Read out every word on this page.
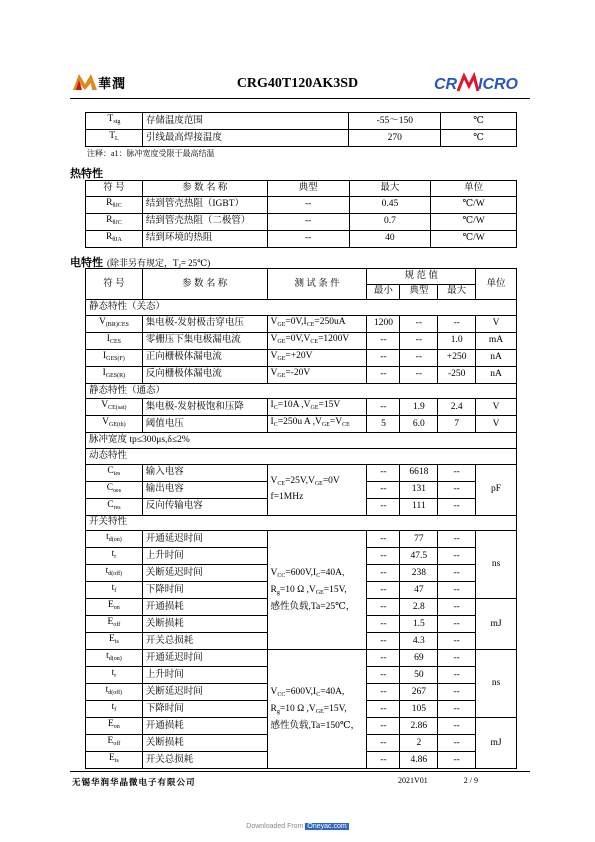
華潤	CRG40T120AK3SD	CR ICRO
$T_{stg}$	存储温度范围	-55～150	℃
$T_L$	引线最高焊接温度	270	℃
注释：a1：脉冲宽度受限于最高结温
热特性
符 号	参 数 名 称	典型	最大	单位
$R_{\theta JC}$	结到管壳热阻（IGBT）	--	0.45	℃/W
$R_{\theta JC}$	结到管壳热阻（二极管）	--	0.7	℃/W
$R_{\theta JA}$	结到环境的热阻	--	40	℃/W
电特性 (除非另有规定，$T_J=$ 25℃)
符 号	参 数 名 称	测 试 条 件	规 范 值			单位
			最小	典型	最大	
静态特性（关态）						
$V_{(BR)CES}$	集电极-发射极击穿电压	$V_{GE}=0V,I_{CE}=250uA$	1200	--	--	V
$I_{CES}$	零栅压下集电极漏电流	$V_{GE}=0V,V_{CE}=1200V$	--	--	1.0	mA
$I_{GES(F)}$	正向栅极体漏电流	$V_{GE}=+20V$	--	--	+250	nA
$I_{GES(R)}$	反向栅极体漏电流	$V_{GE}=-20V$	--	--	-250	nA
静态特性（通态）						
$V_{CE(sat)}$	集电极-发射极饱和压降	$I_C=10A$ $,V_{GE}=15V$	--	1.9	2.4	V
$V_{GE(th)}$	阈值电压	$I_C=250u$ A $,V_{GE}=V_{CE}$	5	6.0	7	V
脉冲宽度 tp≤300μs,δ≤2%						
动态特性						
$C_{ies}$	输入电容	$V_{CE}=25V,V_{GE}=0V$
f=1MHz	--	6618	--	pF
$C_{oes}$	输出电容		--	131	--	
$C_{res}$	反向传输电容		--	111	--	
开关特性						
$t_{d(on)}$	开通延迟时间	$V_{CC}=600V,I_C=40A$,
$R_g=10$ Ω $,V_{GE}=15V$,
感性负载,Ta=25℃，	--	77	--	ns
$t_r$	上升时间		--	47.5	--	
$t_{d(off)}$	关断延迟时间		--	238	--	
$t_f$	下降时间		--	47	--	
$E_{on}$	开通损耗		--	2.8	--	mJ
$E_{off}$	关断损耗		--	1.5	--	
$E_{ts}$	开关总损耗		--	4.3	--	
$t_{d(on)}$	开通延迟时间	$V_{CC}=600V,I_C=40A$,
$R_g=10$ Ω $,V_{GE}=15V$,
感性负载,Ta=150℃，	--	69	--	ns
$t_r$	上升时间		--	50	--	
$t_{d(off)}$	关断延迟时间		--	267	--	
$t_f$	下降时间		--	105	--	
$E_{on}$	开通损耗		--	2.86	--	mJ
$E_{off}$	关断损耗		--	2	--	
$E_{ts}$	开关总损耗		--	4.86	--	
无锡华润华晶微电子有限公司	2021V01	2 / 9
Downloaded From Oneyac.com
